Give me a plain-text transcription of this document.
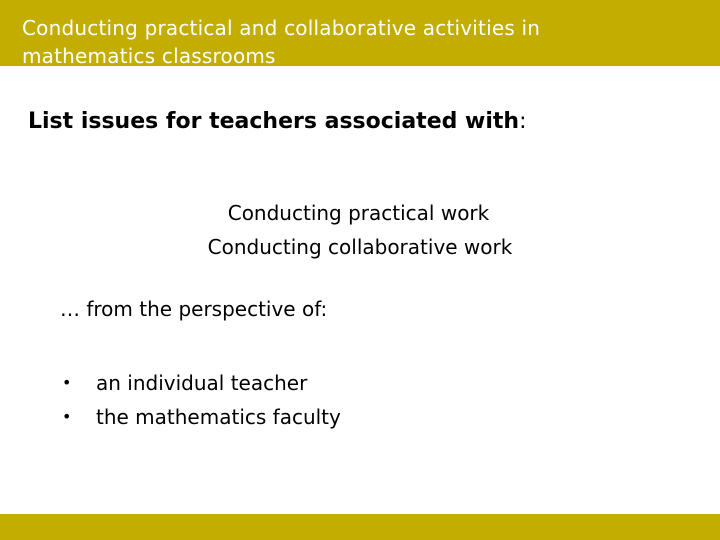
Conducting practical and collaborative activities in mathematics classrooms
List issues for teachers associated with:
Conducting practical work
Conducting collaborative work

… from the perspective of:

• an individual teacher
• the mathematics faculty
